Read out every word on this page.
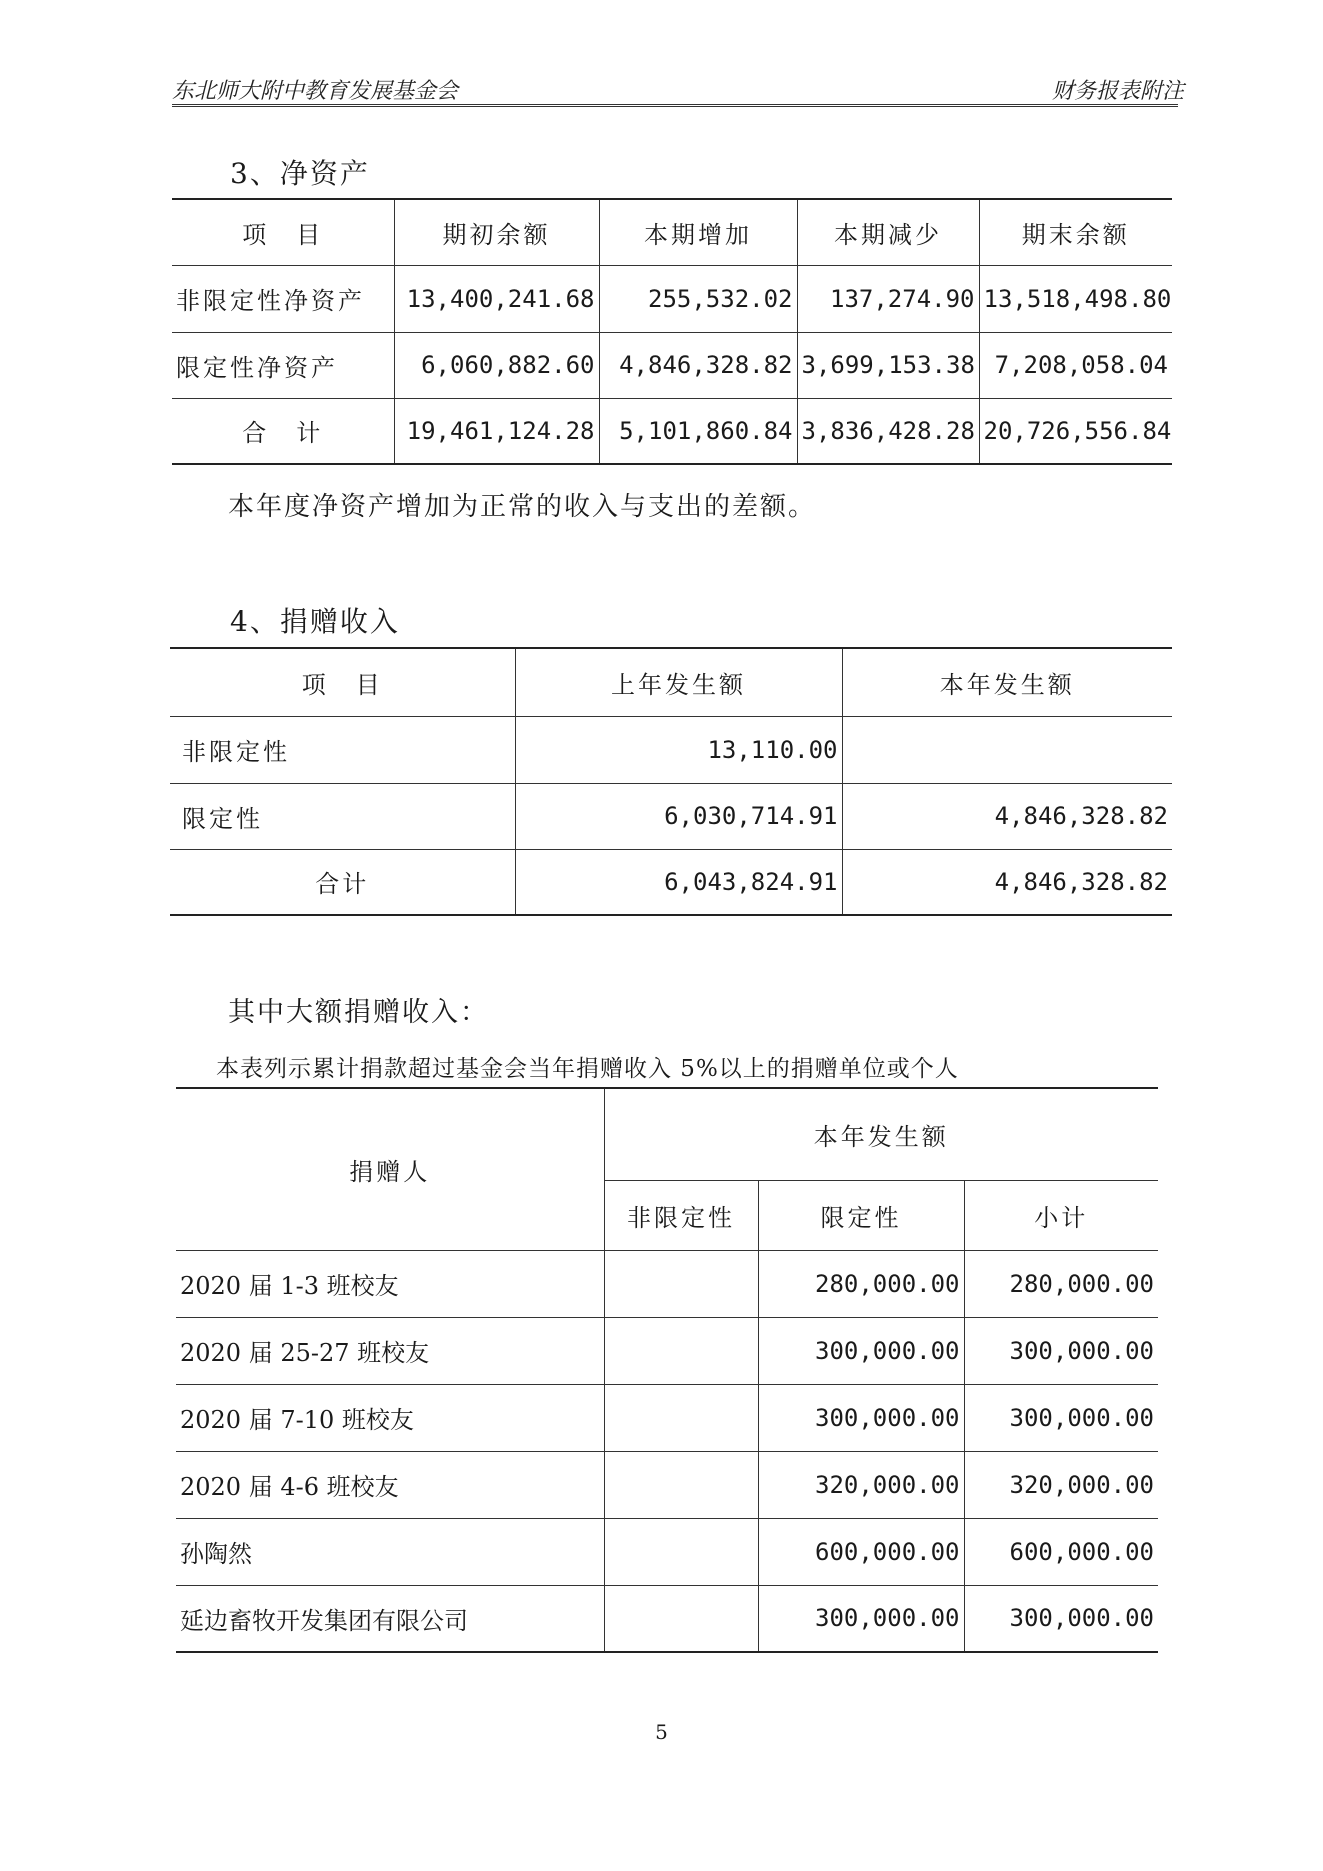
东北师大附中教育发展基金会	财务报表附注
3、净资产
项　目	期初余额	本期增加	本期减少	期末余额
非限定性净资产	13,400,241.68	255,532.02	137,274.90	13,518,498.80
限定性净资产	6,060,882.60	4,846,328.82	3,699,153.38	7,208,058.04
合　计	19,461,124.28	5,101,860.84	3,836,428.28	20,726,556.84
本年度净资产增加为正常的收入与支出的差额。
4、捐赠收入
项　目	上年发生额	本年发生额
非限定性	13,110.00	
限定性	6,030,714.91	4,846,328.82
合计	6,043,824.91	4,846,328.82
其中大额捐赠收入：
本表列示累计捐款超过基金会当年捐赠收入 5%以上的捐赠单位或个人
捐赠人	本年发生额		
	非限定性	限定性	小计
2020 届 1-3 班校友		280,000.00	280,000.00
2020 届 25-27 班校友		300,000.00	300,000.00
2020 届 7-10 班校友		300,000.00	300,000.00
2020 届 4-6 班校友		320,000.00	320,000.00
孙陶然		600,000.00	600,000.00
延边畜牧开发集团有限公司		300,000.00	300,000.00
5
